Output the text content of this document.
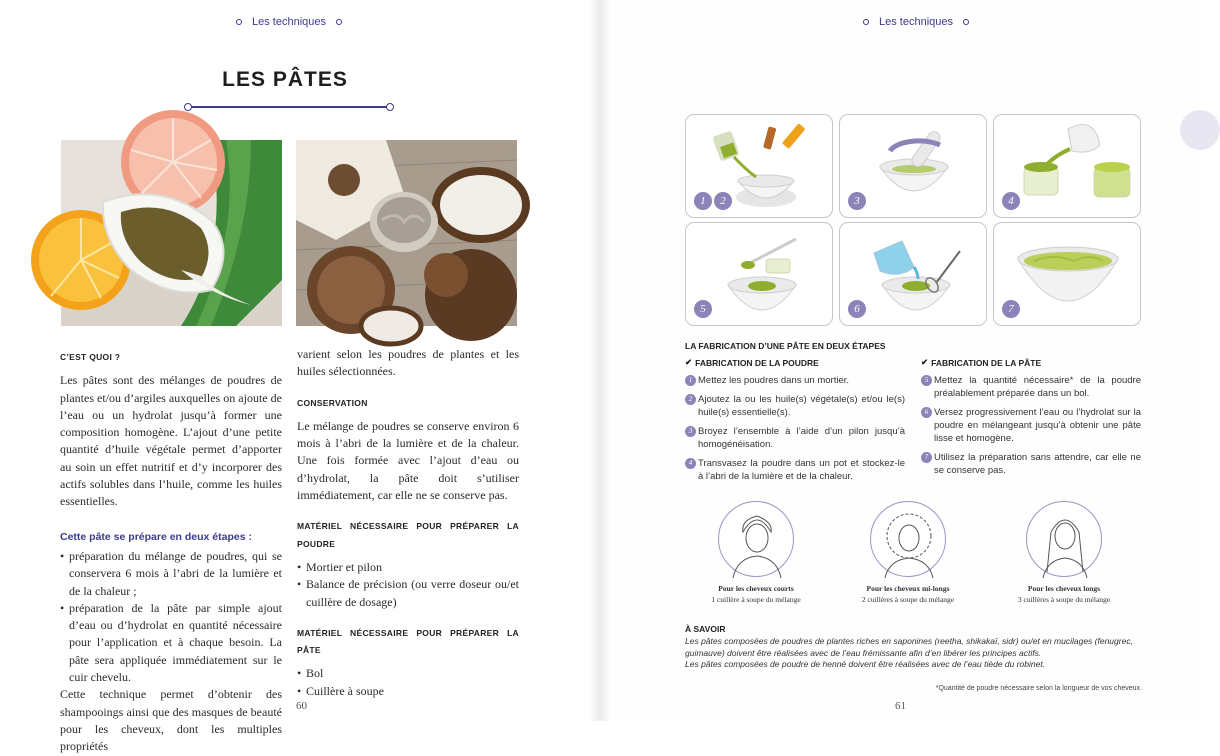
Les techniques
LES PÂTES
C’EST QUOI ?
Les pâtes sont des mélanges de poudres de plantes et/ou d’argiles auxquelles on ajoute de l’eau ou un hydrolat jusqu’à former une composition homogène. L’ajout d’une petite quantité d’huile végétale permet d’apporter au soin un effet nutritif et d’y incorporer des actifs solubles dans l’huile, comme les huiles essentielles.
Cette pâte se prépare en deux étapes :
• préparation du mélange de poudres, qui se conservera 6 mois à l’abri de la lumière et de la chaleur ;
• préparation de la pâte par simple ajout d’eau ou d’hydrolat en quantité nécessaire pour l’application et à chaque besoin. La pâte sera appliquée immédiatement sur le cuir chevelu.
Cette technique permet d’obtenir des shampooings ainsi que des masques de beauté pour les cheveux, dont les multiples propriétés
varient selon les poudres de plantes et les huiles sélectionnées.
CONSERVATION
Le mélange de poudres se conserve environ 6 mois à l’abri de la lumière et de la chaleur. Une fois formée avec l’ajout d’eau ou d’hydrolat, la pâte doit s’utiliser immédiatement, car elle ne se conserve pas.
MATÉRIEL NÉCESSAIRE POUR PRÉPARER LA POUDRE
• Mortier et pilon
• Balance de précision (ou verre doseur ou/et cuillère de dosage)
MATÉRIEL NÉCESSAIRE POUR PRÉPARER LA PÂTE
• Bol
• Cuillère à soupe
60
Les techniques
1	2	3	4
5	6	7
LA FABRICATION D’UNE PÂTE EN DEUX ÉTAPES
✔ FABRICATION DE LA POUDRE
1 Mettez les poudres dans un mortier.
2 Ajoutez la ou les huile(s) végétale(s) et/ou le(s) huile(s) essentielle(s).
3 Broyez l’ensemble à l’aide d’un pilon jusqu’à homogénéisation.
4 Transvasez la poudre dans un pot et stockez-le à l’abri de la lumière et de la chaleur.
✔ FABRICATION DE LA PÂTE
5 Mettez la quantité nécessaire* de la poudre préalablement préparée dans un bol.
6 Versez progressivement l’eau ou l’hydrolat sur la poudre en mélangeant jusqu’à obtenir une pâte lisse et homogène.
7 Utilisez la préparation sans attendre, car elle ne se conserve pas.
Pour les cheveux courts
1 cuillère à soupe du mélange
Pour les cheveux mi-longs
2 cuillères à soupe du mélange
Pour les cheveux longs
3 cuillères à soupe du mélange
À SAVOIR
Les pâtes composées de poudres de plantes riches en saponines (reetha, shikakaï, sidr) ou/et en mucilages (fenugrec, guimauve) doivent être réalisées avec de l’eau frémissante afin d’en libérer les principes actifs.
Les pâtes composées de poudre de henné doivent être réalisées avec de l’eau tiède du robinet.
*Quantité de poudre nécessaire selon la longueur de vos cheveux.
61
